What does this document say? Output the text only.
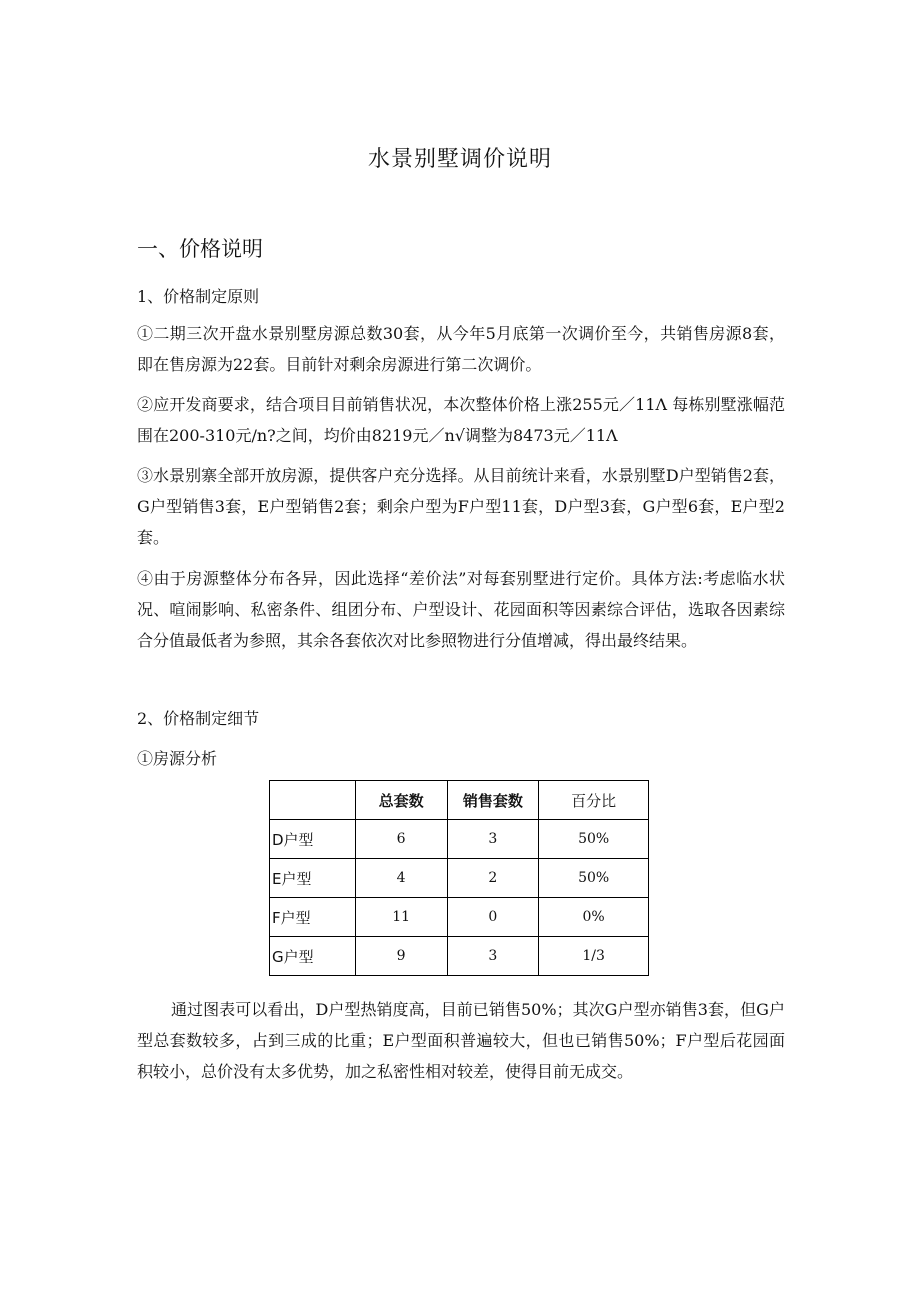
水景别墅调价说明
一、价格说明
1、价格制定原则
①二期三次开盘水景别墅房源总数30套，从今年5月底第一次调价至今，共销售房源8套，即在售房源为22套。目前针对剩余房源进行第二次调价。
②应开发商要求，结合项目目前销售状况，本次整体价格上涨255元／11Λ 每栋别墅涨幅范围在200-310元/n?之间，均价由8219元／n√调整为8473元／11Λ
③水景别寨全部开放房源，提供客户充分选择。从目前统计来看，水景别墅D户型销售2套，G户型销售3套，E户型销售2套；剩余户型为F户型11套，D户型3套，G户型6套，E户型2套。
④由于房源整体分布各异，因此选择“差价法”对每套别墅进行定价。具体方法:考虑临水状况、喧闹影响、私密条件、组团分布、户型设计、花园面积等因素综合评估，选取各因素综合分值最低者为参照，其余各套依次对比参照物进行分值增减，得出最终结果。
2、价格制定细节
①房源分析
	总套数	销售套数	百分比
D户型	6	3	50%
E户型	4	2	50%
F户型	11	0	0%
G户型	9	3	1/3
通过图表可以看出，D户型热销度高，目前已销售50%；其次G户型亦销售3套，但G户型总套数较多，占到三成的比重；E户型面积普遍较大，但也已销售50%；F户型后花园面积较小，总价没有太多优势，加之私密性相对较差，使得目前无成交。
